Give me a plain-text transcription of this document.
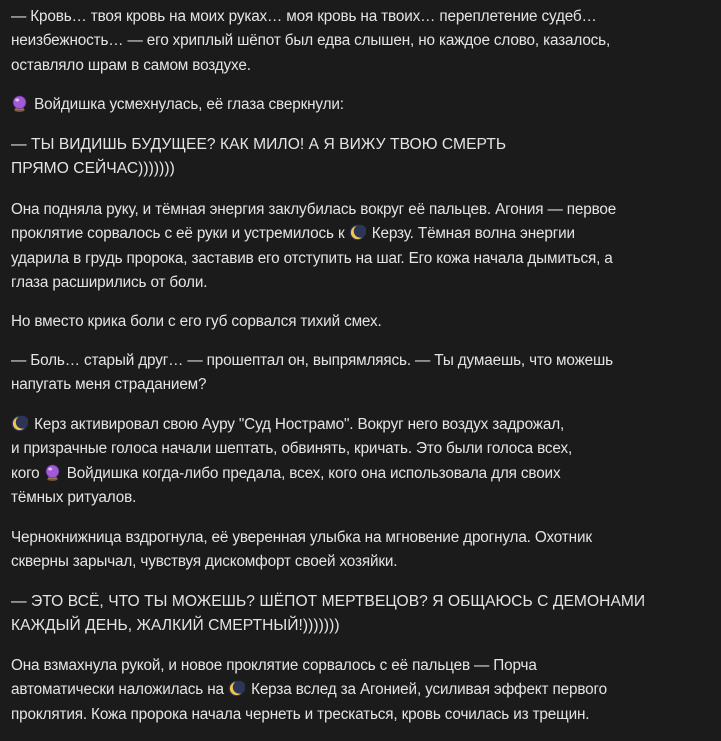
— Кровь… твоя кровь на моих руках… моя кровь на твоих… переплетение судеб…
неизбежность… — его хриплый шёпот был едва слышен, но каждое слово, казалось,
оставляло шрам в самом воздухе.

Войдишка усмехнулась, её глаза сверкнули:

— ТЫ ВИДИШЬ БУДУЩЕЕ? КАК МИЛО! А Я ВИЖУ ТВОЮ СМЕРТЬ
ПРЯМО СЕЙЧАС)))))))

Она подняла руку, и тёмная энергия заклубилась вокруг её пальцев. Агония — первое
проклятие сорвалось с её руки и устремилось к
Керзу. Тёмная волна энергии
ударила в грудь пророка, заставив его отступить на шаг. Его кожа начала дымиться, а
глаза расширились от боли.

Но вместо крика боли с его губ сорвался тихий смех.

— Боль… старый друг… — прошептал он, выпрямляясь. — Ты думаешь, что можешь
напугать меня страданием?

Керз активировал свою Ауру "Суд Нострамо". Вокруг него воздух задрожал,
и призрачные голоса начали шептать, обвинять, кричать. Это были голоса всех,
кого
Войдишка когда-либо предала, всех, кого она использовала для своих
тёмных ритуалов.

Чернокнижница вздрогнула, её уверенная улыбка на мгновение дрогнула. Охотник
скверны зарычал, чувствуя дискомфорт своей хозяйки.

— ЭТО ВСЁ, ЧТО ТЫ МОЖЕШЬ? ШЁПОТ МЕРТВЕЦОВ? Я ОБЩАЮСЬ С ДЕМОНАМИ
КАЖДЫЙ ДЕНЬ, ЖАЛКИЙ СМЕРТНЫЙ!)))))))

Она взмахнула рукой, и новое проклятие сорвалось с её пальцев — Порча
автоматически наложилась на
Керза вслед за Агонией, усиливая эффект первого
проклятия. Кожа пророка начала чернеть и трескаться, кровь сочилась из трещин.
